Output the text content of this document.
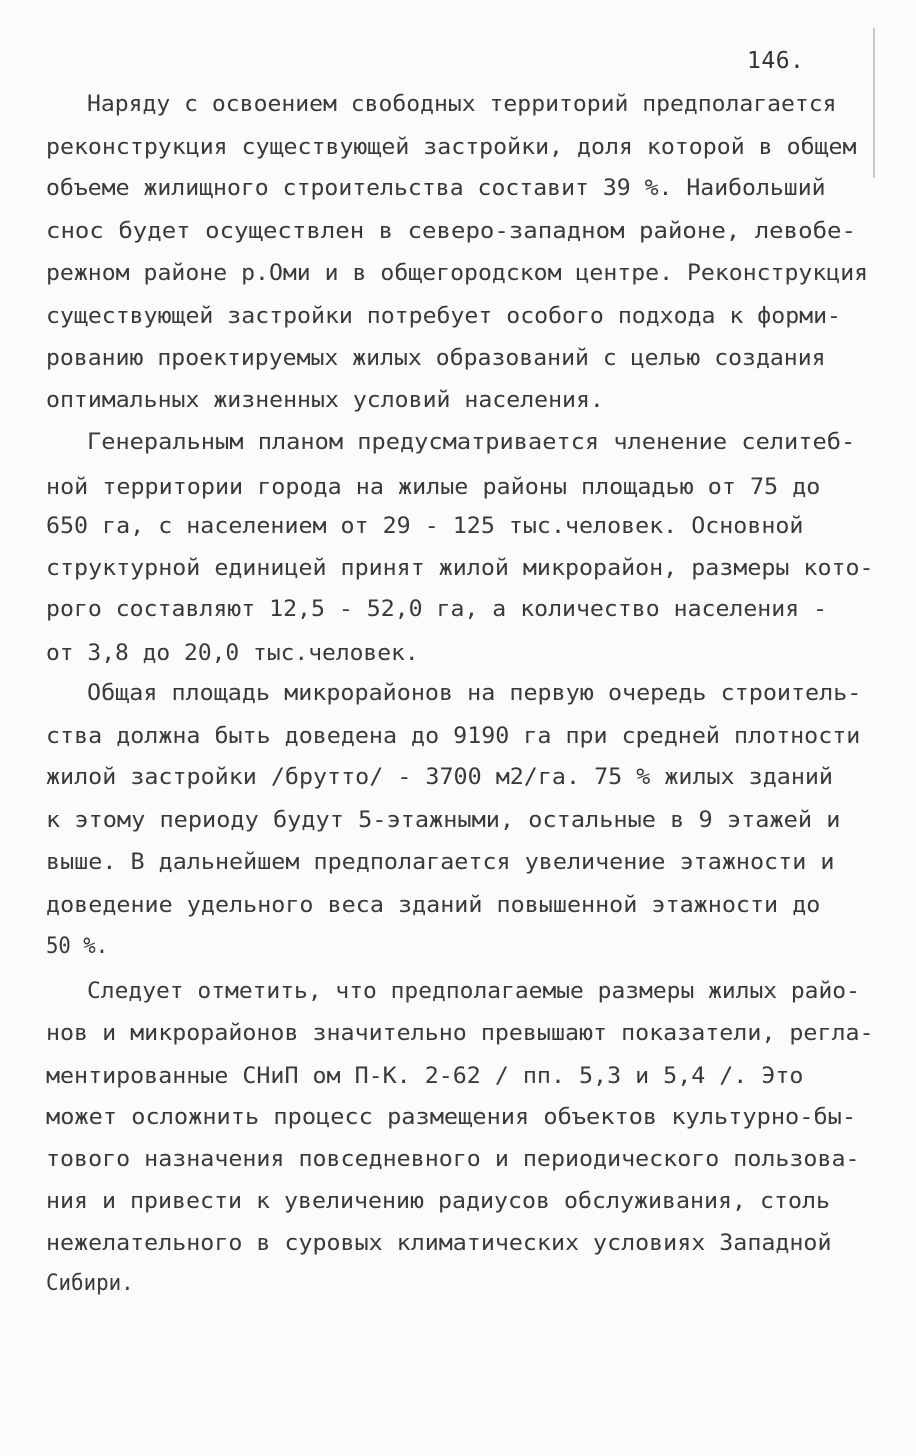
146.
Наряду с освоением свободных территорий предполагается
реконструкция существующей застройки, доля которой в общем
объеме жилищного строительства составит 39 %. Наибольший
снос будет осуществлен в северо-западном районе, левобе-
режном районе р.Оми и в общегородском центре. Реконструкция
существующей застройки потребует особого подхода к форми-
рованию проектируемых жилых образований с целью создания
оптимальных жизненных условий населения.
Генеральным планом предусматривается членение селитеб-
ной территории города на жилые районы площадью от 75 до
650 га, с населением от 29 - 125 тыс.человек. Основной
структурной единицей принят жилой микрорайон, размеры кото-
рого составляют 12,5 - 52,0 га, а количество населения -
от 3,8 до 20,0 тыс.человек.
Общая площадь микрорайонов на первую очередь строитель-
ства должна быть доведена до 9190 га при средней плотности
жилой застройки /брутто/ - 3700 м2/га. 75 % жилых зданий
к этому периоду будут 5-этажными, остальные в 9 этажей и
выше. В дальнейшем предполагается увеличение этажности и
доведение удельного веса зданий повышенной этажности до
50 %.
Следует отметить, что предполагаемые размеры жилых райо-
нов и микрорайонов значительно превышают показатели, регла-
ментированные СНиП ом П-К. 2-62 / пп. 5,3 и 5,4 /. Это
может осложнить процесс размещения объектов культурно-бы-
тового назначения повседневного и периодического пользова-
ния и привести к увеличению радиусов обслуживания, столь
нежелательного в суровых климатических условиях Западной
Сибири.
